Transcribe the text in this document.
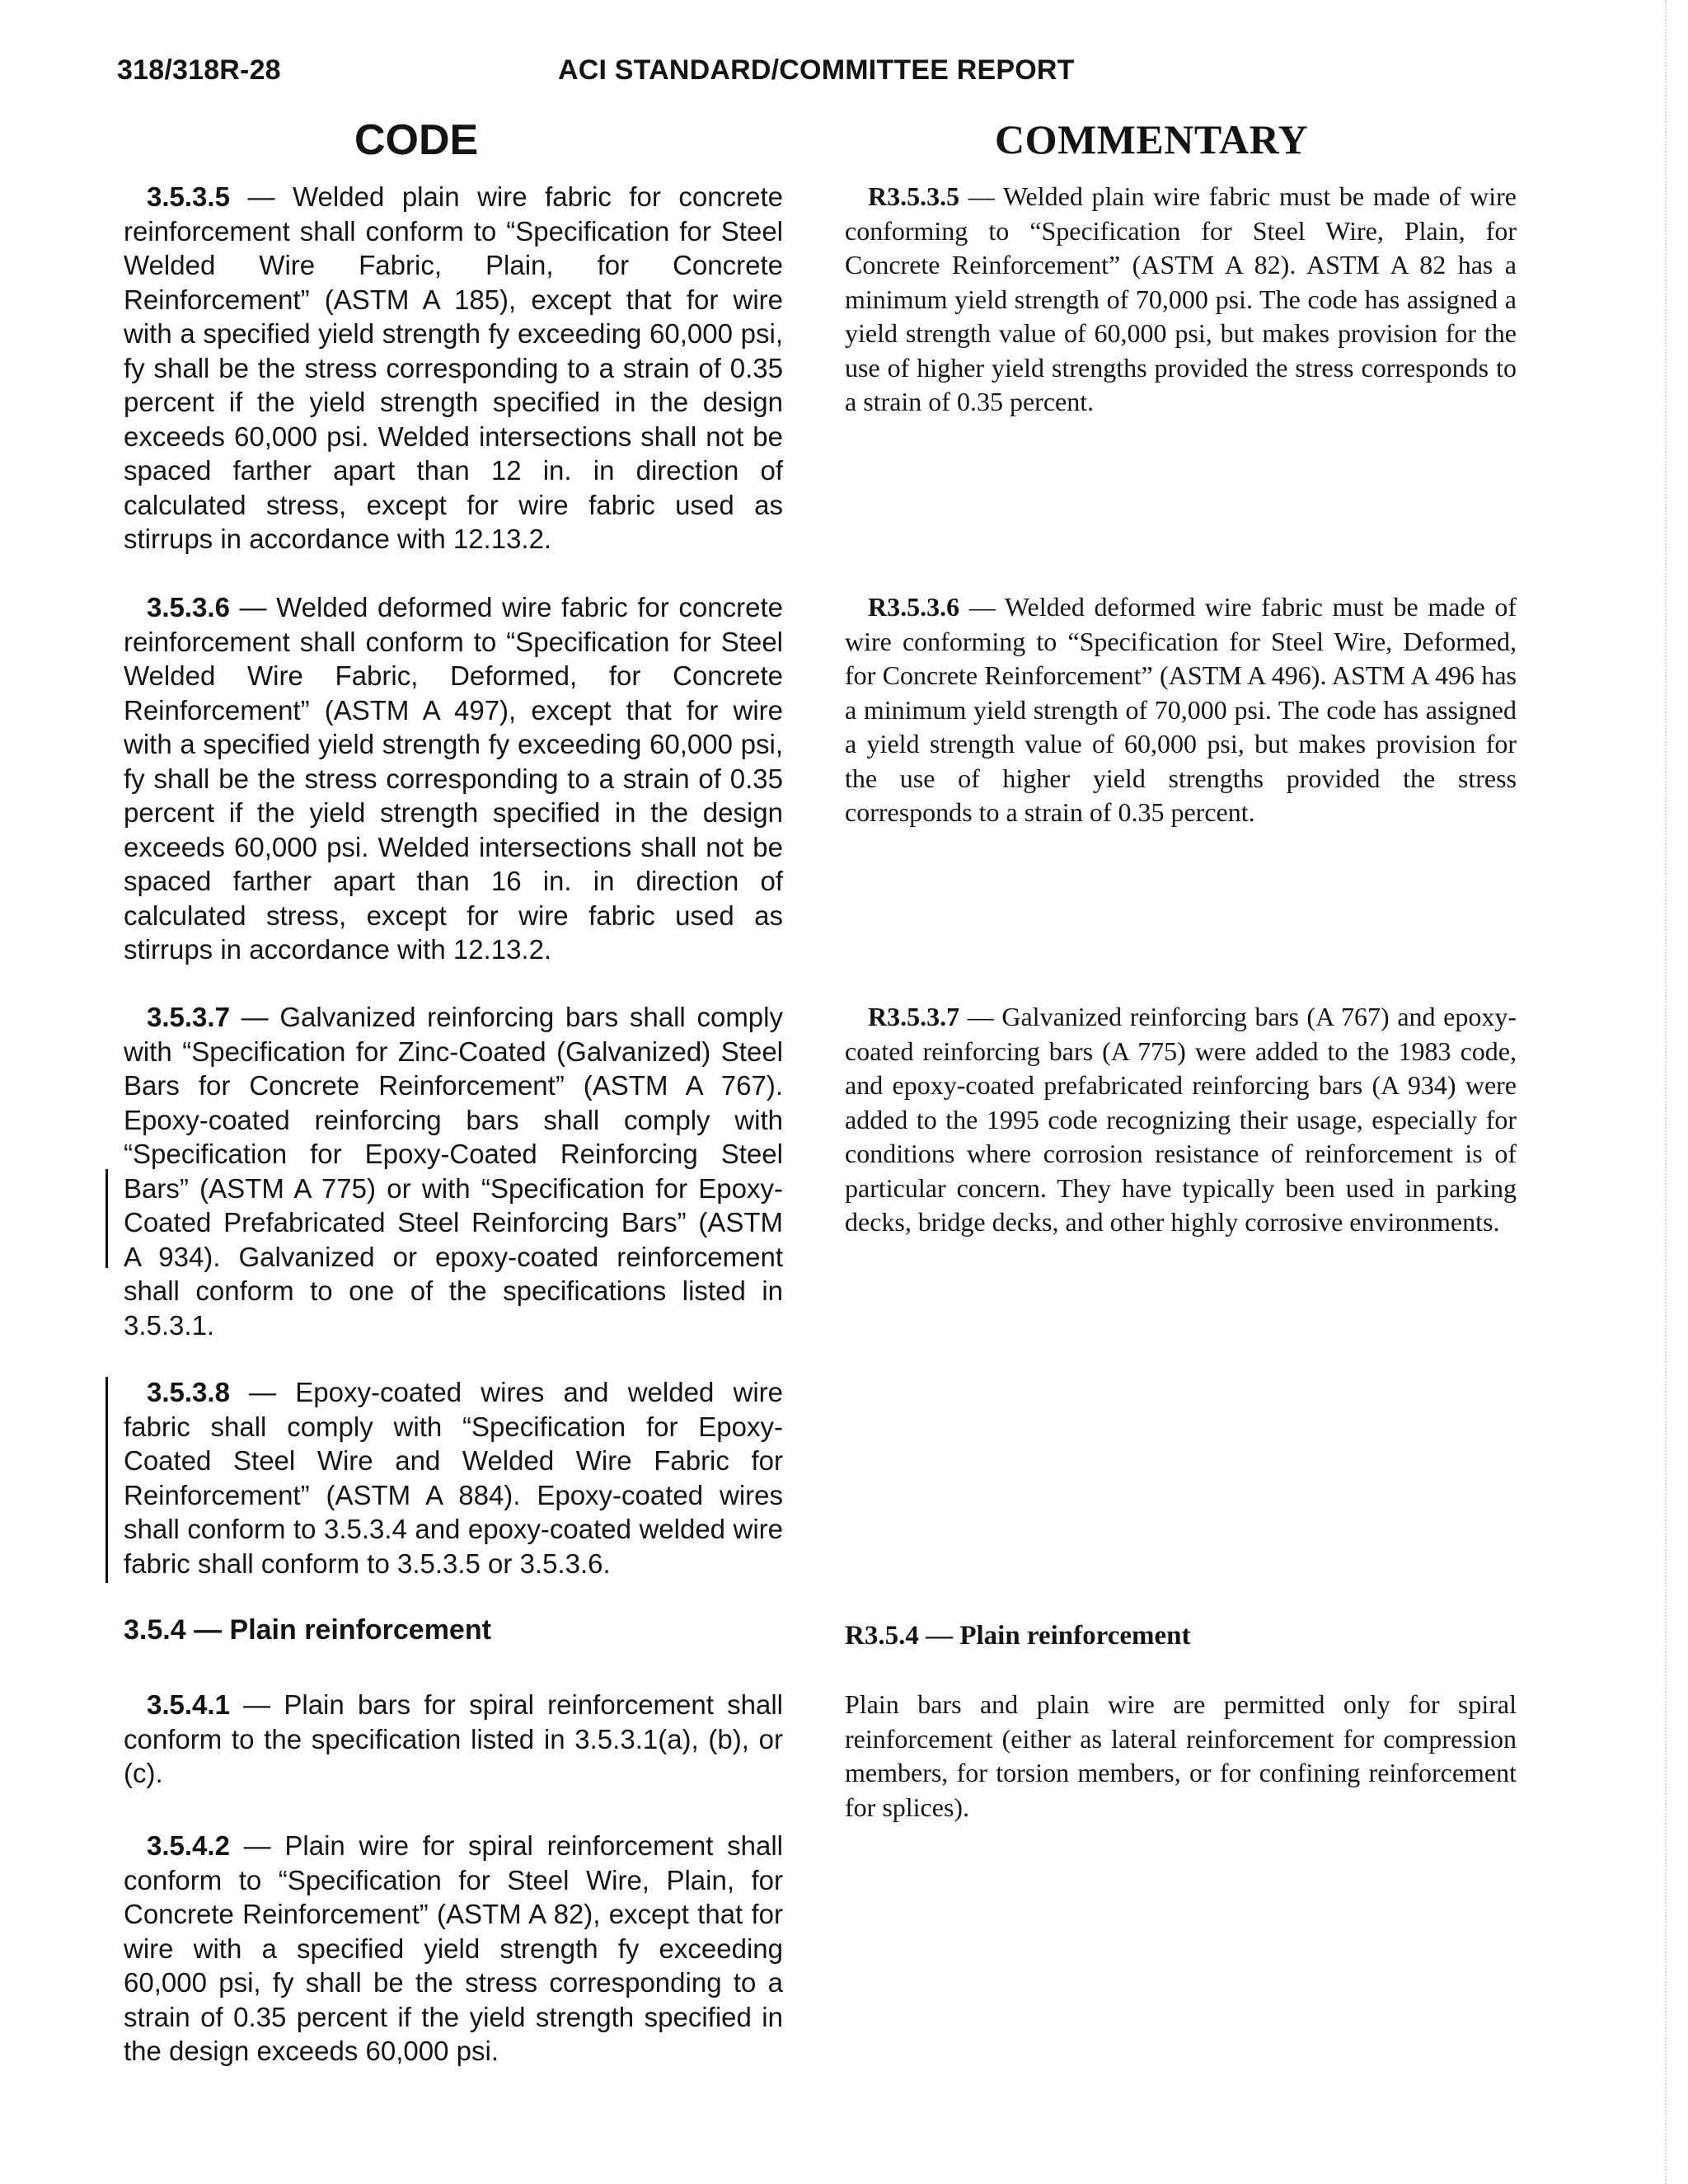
318/318R-28	ACI STANDARD/COMMITTEE REPORT
CODE	COMMENTARY

3.5.3.5 — Welded plain wire fabric for concrete reinforcement shall conform to “Specification for Steel Welded Wire Fabric, Plain, for Concrete Reinforcement” (ASTM A 185), except that for wire with a specified yield strength fy exceeding 60,000 psi, fy shall be the stress corresponding to a strain of 0.35 percent if the yield strength specified in the design exceeds 60,000 psi. Welded intersections shall not be spaced farther apart than 12 in. in direction of calculated stress, except for wire fabric used as stirrups in accordance with 12.13.2.

3.5.3.6 — Welded deformed wire fabric for concrete reinforcement shall conform to “Specification for Steel Welded Wire Fabric, Deformed, for Concrete Reinforcement” (ASTM A 497), except that for wire with a specified yield strength fy exceeding 60,000 psi, fy shall be the stress corresponding to a strain of 0.35 percent if the yield strength specified in the design exceeds 60,000 psi. Welded intersections shall not be spaced farther apart than 16 in. in direction of calculated stress, except for wire fabric used as stirrups in accordance with 12.13.2.

3.5.3.7 — Galvanized reinforcing bars shall comply with “Specification for Zinc-Coated (Galvanized) Steel Bars for Concrete Reinforcement” (ASTM A 767). Epoxy-coated reinforcing bars shall comply with “Specification for Epoxy-Coated Reinforcing Steel Bars” (ASTM A 775) or with “Specification for Epoxy-Coated Prefabricated Steel Reinforcing Bars” (ASTM A 934). Galvanized or epoxy-coated reinforcement shall conform to one of the specifications listed in 3.5.3.1.

3.5.3.8 — Epoxy-coated wires and welded wire fabric shall comply with “Specification for Epoxy-Coated Steel Wire and Welded Wire Fabric for Reinforcement” (ASTM A 884). Epoxy-coated wires shall conform to 3.5.3.4 and epoxy-coated welded wire fabric shall conform to 3.5.3.5 or 3.5.3.6.

3.5.4 — Plain reinforcement

3.5.4.1 — Plain bars for spiral reinforcement shall conform to the specification listed in 3.5.3.1(a), (b), or (c).

3.5.4.2 — Plain wire for spiral reinforcement shall conform to “Specification for Steel Wire, Plain, for Concrete Reinforcement” (ASTM A 82), except that for wire with a specified yield strength fy exceeding 60,000 psi, fy shall be the stress corresponding to a strain of 0.35 percent if the yield strength specified in the design exceeds 60,000 psi.

R3.5.3.5 — Welded plain wire fabric must be made of wire conforming to “Specification for Steel Wire, Plain, for Concrete Reinforcement” (ASTM A 82). ASTM A 82 has a minimum yield strength of 70,000 psi. The code has assigned a yield strength value of 60,000 psi, but makes provision for the use of higher yield strengths provided the stress corresponds to a strain of 0.35 percent.

R3.5.3.6 — Welded deformed wire fabric must be made of wire conforming to “Specification for Steel Wire, Deformed, for Concrete Reinforcement” (ASTM A 496). ASTM A 496 has a minimum yield strength of 70,000 psi. The code has assigned a yield strength value of 60,000 psi, but makes provision for the use of higher yield strengths provided the stress corresponds to a strain of 0.35 percent.

R3.5.3.7 — Galvanized reinforcing bars (A 767) and epoxy-coated reinforcing bars (A 775) were added to the 1983 code, and epoxy-coated prefabricated reinforcing bars (A 934) were added to the 1995 code recognizing their usage, especially for conditions where corrosion resistance of reinforcement is of particular concern. They have typically been used in parking decks, bridge decks, and other highly corrosive environments.

R3.5.4 — Plain reinforcement

Plain bars and plain wire are permitted only for spiral reinforcement (either as lateral reinforcement for compression members, for torsion members, or for confining reinforcement for splices).
